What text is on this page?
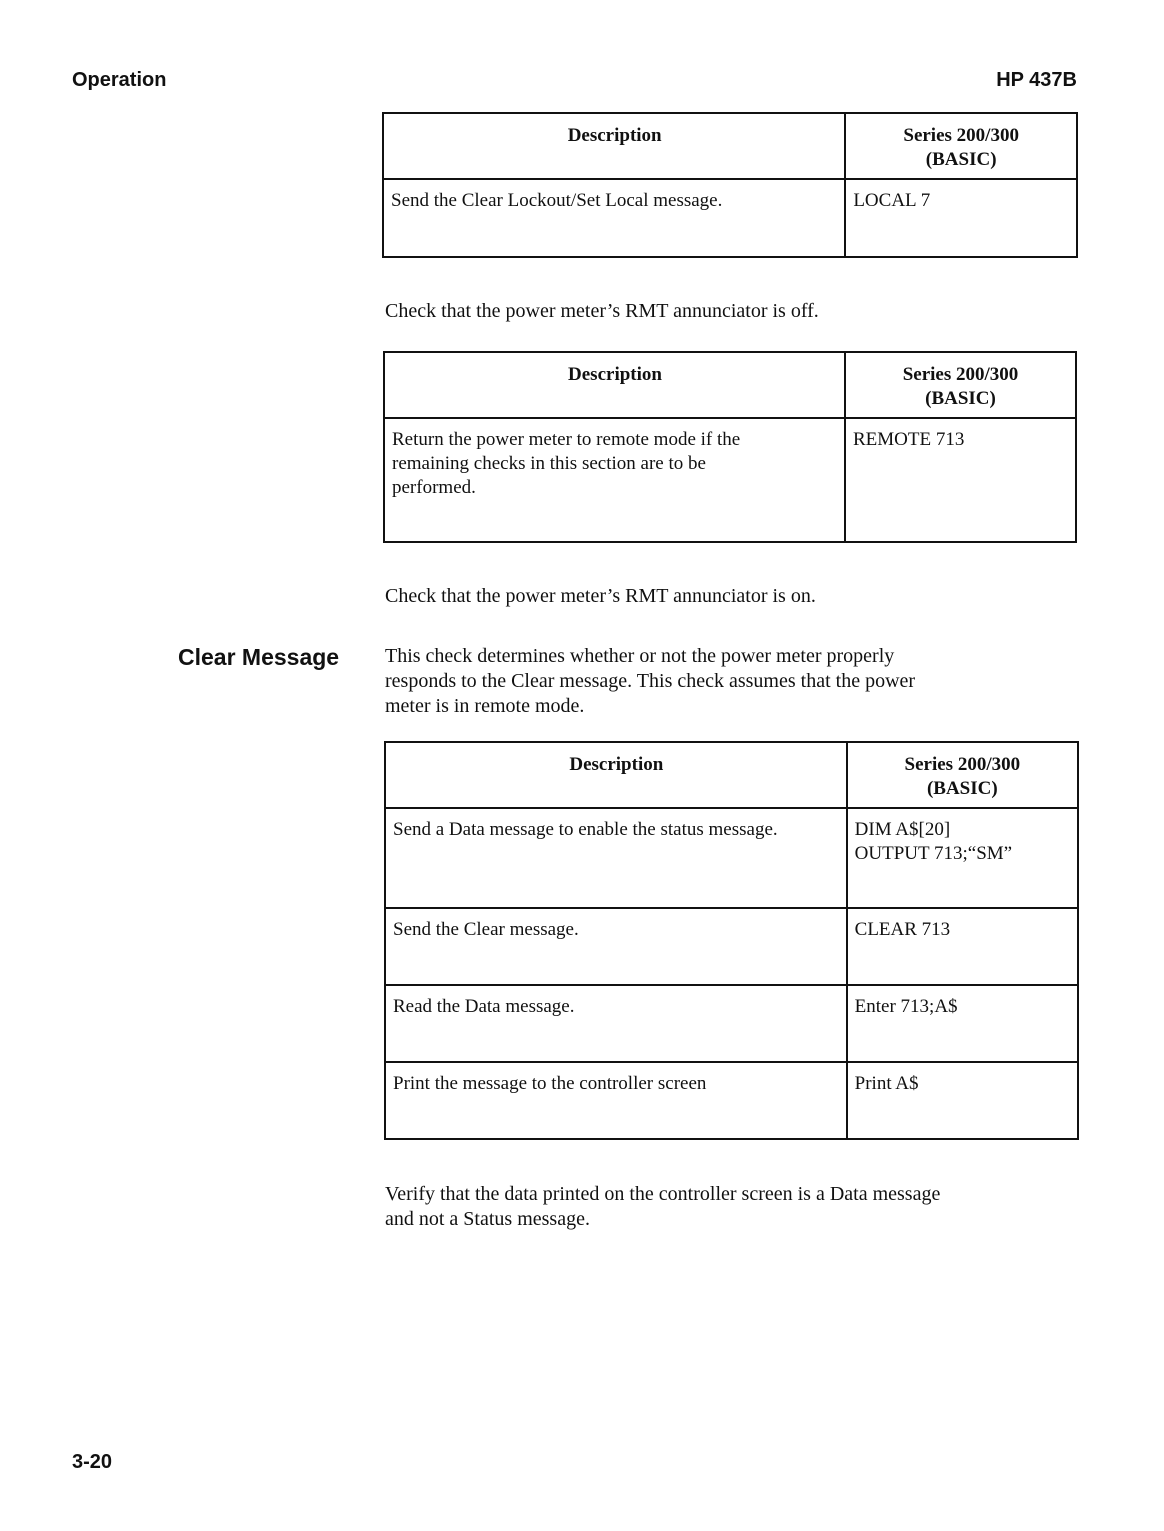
Operation	HP 437B
Description	Series 200/300
(BASIC)
Send the Clear Lockout/Set Local message.	LOCAL 7
Check that the power meter’s RMT annunciator is off.
Description	Series 200/300
(BASIC)
Return the power meter to remote mode if the
remaining checks in this section are to be
performed.	REMOTE 713
Check that the power meter’s RMT annunciator is on.
Clear Message This check determines whether or not the power meter properly
responds to the Clear message. This check assumes that the power
meter is in remote mode.
Description	Series 200/300
(BASIC)
Send a Data message to enable the status message.	DIM A$[20]
OUTPUT 713;“SM”
Send the Clear message.	CLEAR 713
Read the Data message.	Enter 713;A$
Print the message to the controller screen	Print A$
Verify that the data printed on the controller screen is a Data message
and not a Status message.
3-20
